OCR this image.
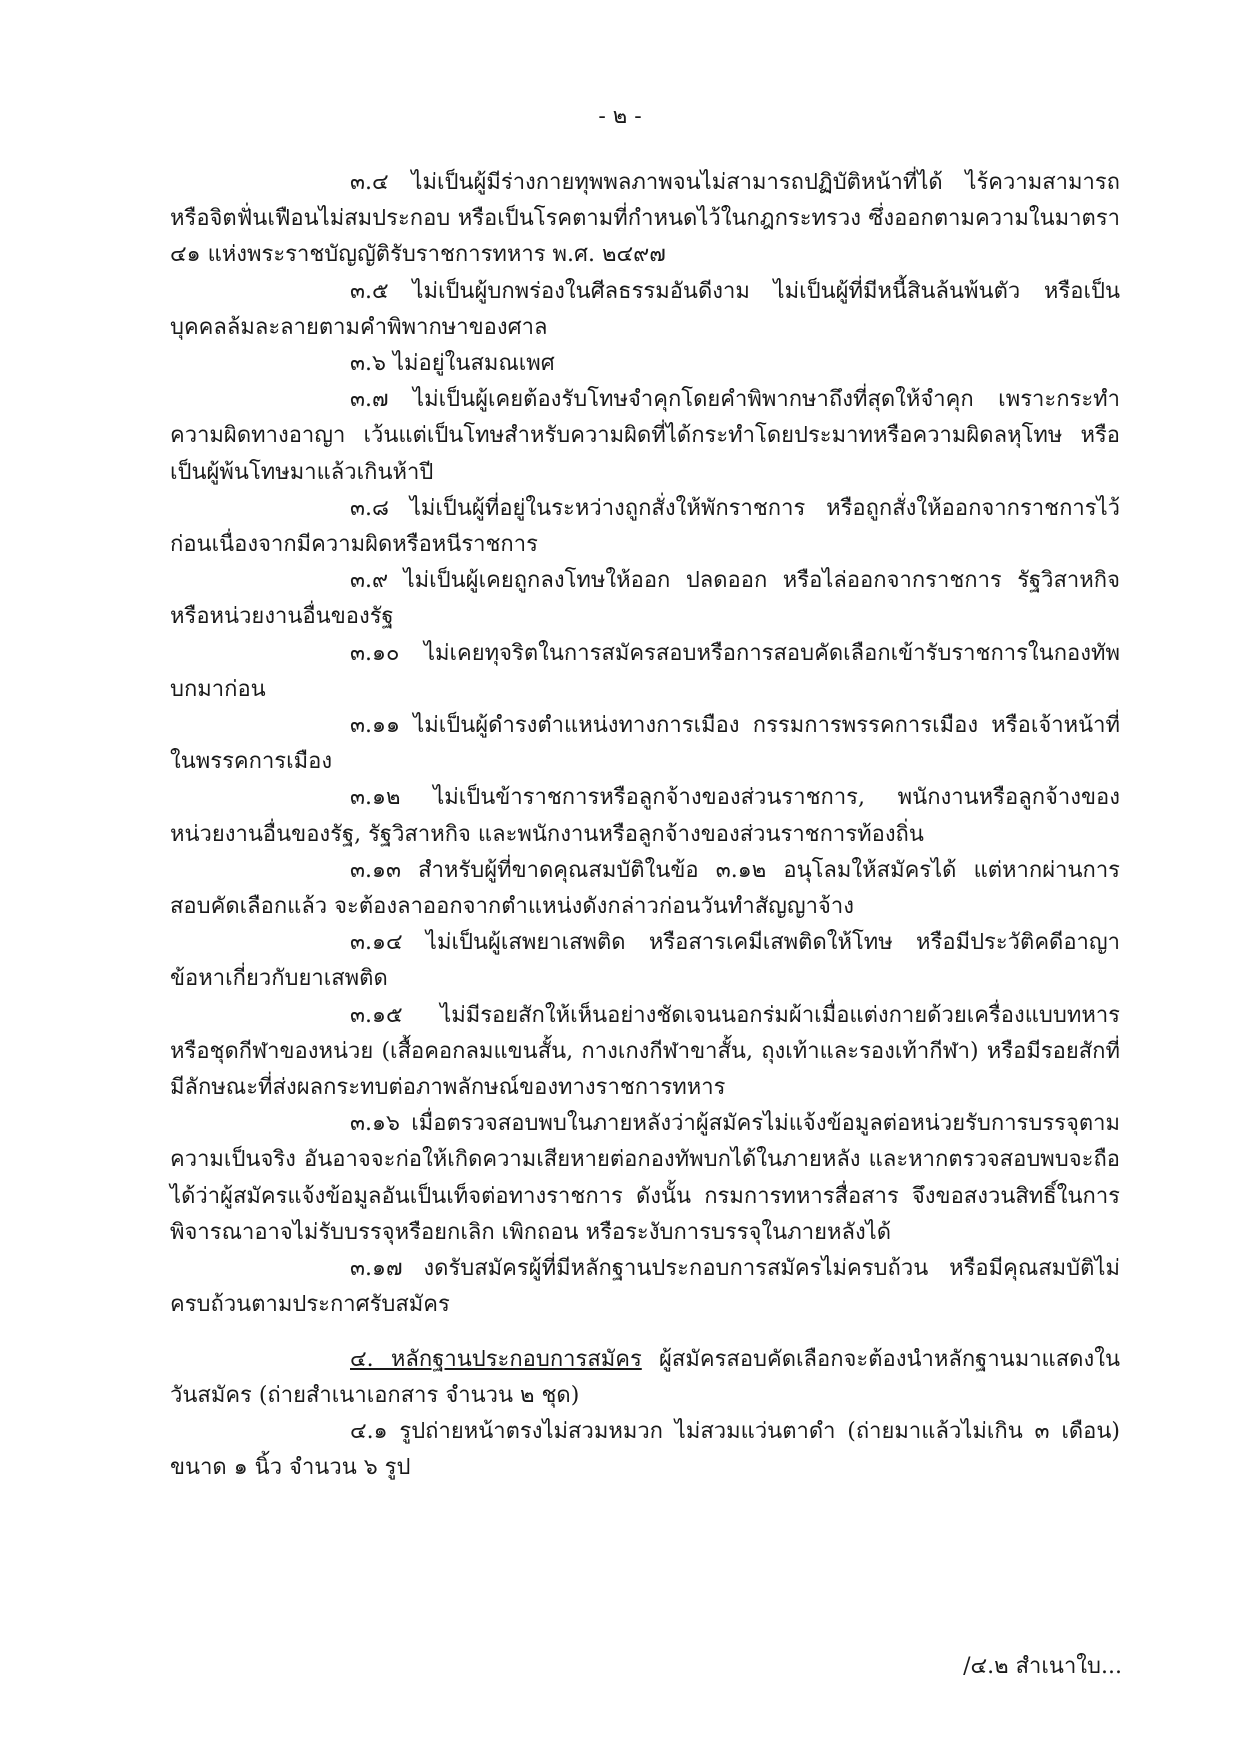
- ๒ -

๓.๔ ไม่เป็นผู้มีร่างกายทุพพลภาพจนไม่สามารถปฏิบัติหน้าที่ได้ ไร้ความสามารถหรือจิตฟั่นเฟือนไม่สมประกอบ หรือเป็นโรคตามที่กำหนดไว้ในกฎกระทรวง ซึ่งออกตามความในมาตรา ๔๑ แห่งพระราชบัญญัติรับราชการทหาร พ.ศ. ๒๔๙๗

๓.๕ ไม่เป็นผู้บกพร่องในศีลธรรมอันดีงาม ไม่เป็นผู้ที่มีหนี้สินล้นพ้นตัว หรือเป็นบุคคลล้มละลายตามคำพิพากษาของศาล

๓.๖ ไม่อยู่ในสมณเพศ

๓.๗ ไม่เป็นผู้เคยต้องรับโทษจำคุกโดยคำพิพากษาถึงที่สุดให้จำคุก เพราะกระทำความผิดทางอาญา เว้นแต่เป็นโทษสำหรับความผิดที่ได้กระทำโดยประมาทหรือความผิดลหุโทษ หรือเป็นผู้พ้นโทษมาแล้วเกินห้าปี

๓.๘ ไม่เป็นผู้ที่อยู่ในระหว่างถูกสั่งให้พักราชการ หรือถูกสั่งให้ออกจากราชการไว้ก่อนเนื่องจากมีความผิดหรือหนีราชการ

๓.๙ ไม่เป็นผู้เคยถูกลงโทษให้ออก ปลดออก หรือไล่ออกจากราชการ รัฐวิสาหกิจหรือหน่วยงานอื่นของรัฐ

๓.๑๐ ไม่เคยทุจริตในการสมัครสอบหรือการสอบคัดเลือกเข้ารับราชการในกองทัพบกมาก่อน

๓.๑๑ ไม่เป็นผู้ดำรงตำแหน่งทางการเมือง กรรมการพรรคการเมือง หรือเจ้าหน้าที่ในพรรคการเมือง

๓.๑๒ ไม่เป็นข้าราชการหรือลูกจ้างของส่วนราชการ, พนักงานหรือลูกจ้างของหน่วยงานอื่นของรัฐ, รัฐวิสาหกิจ และพนักงานหรือลูกจ้างของส่วนราชการท้องถิ่น

๓.๑๓ สำหรับผู้ที่ขาดคุณสมบัติในข้อ ๓.๑๒ อนุโลมให้สมัครได้ แต่หากผ่านการสอบคัดเลือกแล้ว จะต้องลาออกจากตำแหน่งดังกล่าวก่อนวันทำสัญญาจ้าง

๓.๑๔ ไม่เป็นผู้เสพยาเสพติด หรือสารเคมีเสพติดให้โทษ หรือมีประวัติคดีอาญาข้อหาเกี่ยวกับยาเสพติด

๓.๑๕ ไม่มีรอยสักให้เห็นอย่างชัดเจนนอกร่มผ้าเมื่อแต่งกายด้วยเครื่องแบบทหารหรือชุดกีฬาของหน่วย (เสื้อคอกลมแขนสั้น, กางเกงกีฬาขาสั้น, ถุงเท้าและรองเท้ากีฬา) หรือมีรอยสักที่มีลักษณะที่ส่งผลกระทบต่อภาพลักษณ์ของทางราชการทหาร

๓.๑๖ เมื่อตรวจสอบพบในภายหลังว่าผู้สมัครไม่แจ้งข้อมูลต่อหน่วยรับการบรรจุตามความเป็นจริง อันอาจจะก่อให้เกิดความเสียหายต่อกองทัพบกได้ในภายหลัง และหากตรวจสอบพบจะถือได้ว่าผู้สมัครแจ้งข้อมูลอันเป็นเท็จต่อทางราชการ ดังนั้น กรมการทหารสื่อสาร จึงขอสงวนสิทธิ์ในการพิจารณาอาจไม่รับบรรจุหรือยกเลิก เพิกถอน หรือระงับการบรรจุในภายหลังได้

๓.๑๗ งดรับสมัครผู้ที่มีหลักฐานประกอบการสมัครไม่ครบถ้วน หรือมีคุณสมบัติไม่ครบถ้วนตามประกาศรับสมัคร

๔. หลักฐานประกอบการสมัคร ผู้สมัครสอบคัดเลือกจะต้องนำหลักฐานมาแสดงในวันสมัคร (ถ่ายสำเนาเอกสาร จำนวน ๒ ชุด)

๔.๑ รูปถ่ายหน้าตรงไม่สวมหมวก ไม่สวมแว่นตาดำ (ถ่ายมาแล้วไม่เกิน ๓ เดือน) ขนาด ๑ นิ้ว จำนวน ๖ รูป

/๔.๒ สำเนาใบ...
